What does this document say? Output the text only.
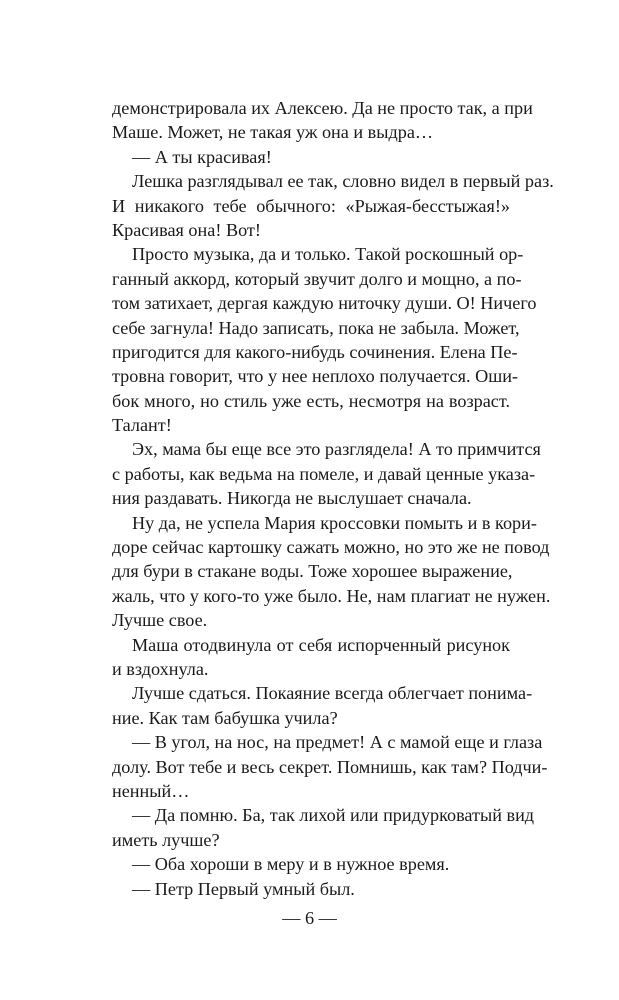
демонстрировала их Алексею. Да не просто так, а при
Маше. Может, не такая уж она и выдра…
— А ты красивая!
Лешка разглядывал ее так, словно видел в первый раз.
И никакого тебе обычного: «Рыжая-бесстыжая!»
Красивая она! Вот!
Просто музыка, да и только. Такой роскошный ор-
ганный аккорд, который звучит долго и мощно, а по-
том затихает, дергая каждую ниточку души. О! Ничего
себе загнула! Надо записать, пока не забыла. Может,
пригодится для какого-нибудь сочинения. Елена Пе-
тровна говорит, что у нее неплохо получается. Оши-
бок много, но стиль уже есть, несмотря на возраст.
Талант!
Эх, мама бы еще все это разглядела! А то примчится
с работы, как ведьма на помеле, и давай ценные указа-
ния раздавать. Никогда не выслушает сначала.
Ну да, не успела Мария кроссовки помыть и в кори-
доре сейчас картошку сажать можно, но это же не повод
для бури в стакане воды. Тоже хорошее выражение,
жаль, что у кого-то уже было. Не, нам плагиат не нужен.
Лучше свое.
Маша отодвинула от себя испорченный рисунок
и вздохнула.
Лучше сдаться. Покаяние всегда облегчает понима-
ние. Как там бабушка учила?
— В угол, на нос, на предмет! А с мамой еще и глаза
долу. Вот тебе и весь секрет. Помнишь, как там? Подчи-
ненный…
— Да помню. Ба, так лихой или придурковатый вид
иметь лучше?
— Оба хороши в меру и в нужное время.
— Петр Первый умный был.
— 6 —
